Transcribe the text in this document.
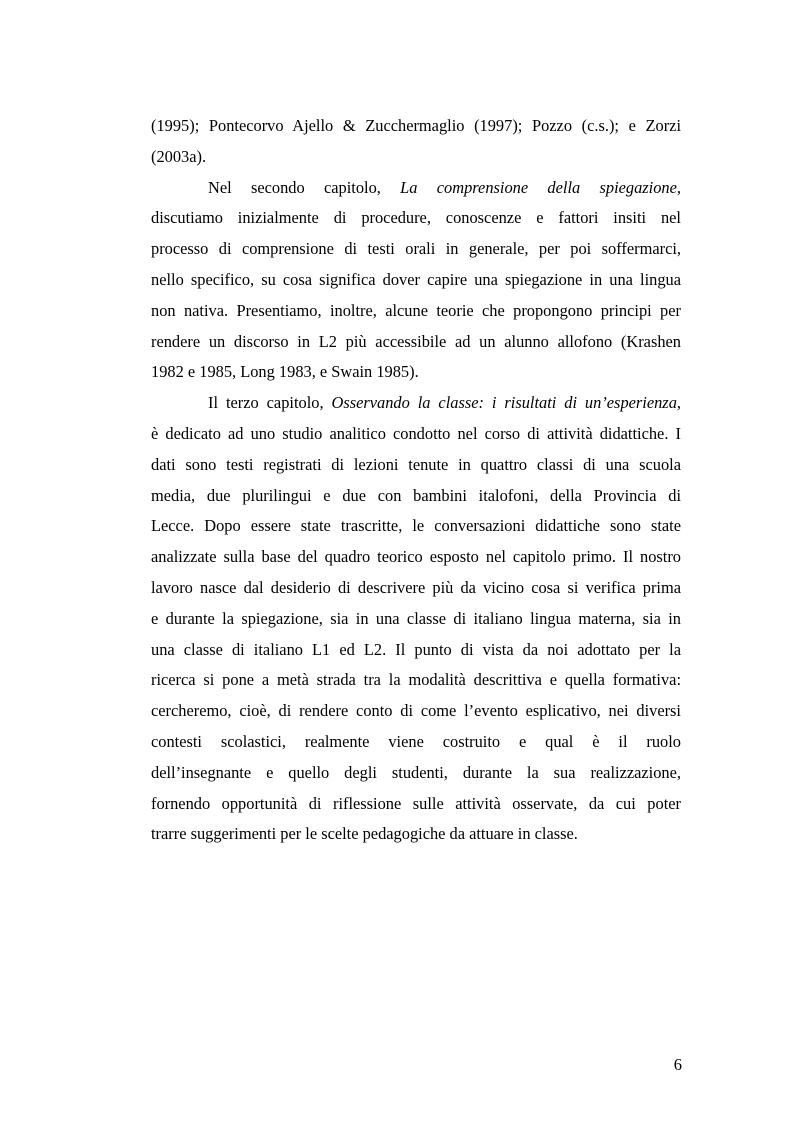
(1995); Pontecorvo Ajello & Zucchermaglio (1997); Pozzo (c.s.); e Zorzi
(2003a).
Nel secondo capitolo, La comprensione della spiegazione,
discutiamo inizialmente di procedure, conoscenze e fattori insiti nel
processo di comprensione di testi orali in generale, per poi soffermarci,
nello specifico, su cosa significa dover capire una spiegazione in una lingua
non nativa. Presentiamo, inoltre, alcune teorie che propongono principi per
rendere un discorso in L2 più accessibile ad un alunno allofono (Krashen
1982 e 1985, Long 1983, e Swain 1985).
Il terzo capitolo, Osservando la classe: i risultati di un’esperienza,
è dedicato ad uno studio analitico condotto nel corso di attività didattiche. I
dati sono testi registrati di lezioni tenute in quattro classi di una scuola
media, due plurilingui e due con bambini italofoni, della Provincia di
Lecce. Dopo essere state trascritte, le conversazioni didattiche sono state
analizzate sulla base del quadro teorico esposto nel capitolo primo. Il nostro
lavoro nasce dal desiderio di descrivere più da vicino cosa si verifica prima
e durante la spiegazione, sia in una classe di italiano lingua materna, sia in
una classe di italiano L1 ed L2. Il punto di vista da noi adottato per la
ricerca si pone a metà strada tra la modalità descrittiva e quella formativa:
cercheremo, cioè, di rendere conto di come l’evento esplicativo, nei diversi
contesti scolastici, realmente viene costruito e qual è il ruolo
dell’insegnante e quello degli studenti, durante la sua realizzazione,
fornendo opportunità di riflessione sulle attività osservate, da cui poter
trarre suggerimenti per le scelte pedagogiche da attuare in classe.
6
